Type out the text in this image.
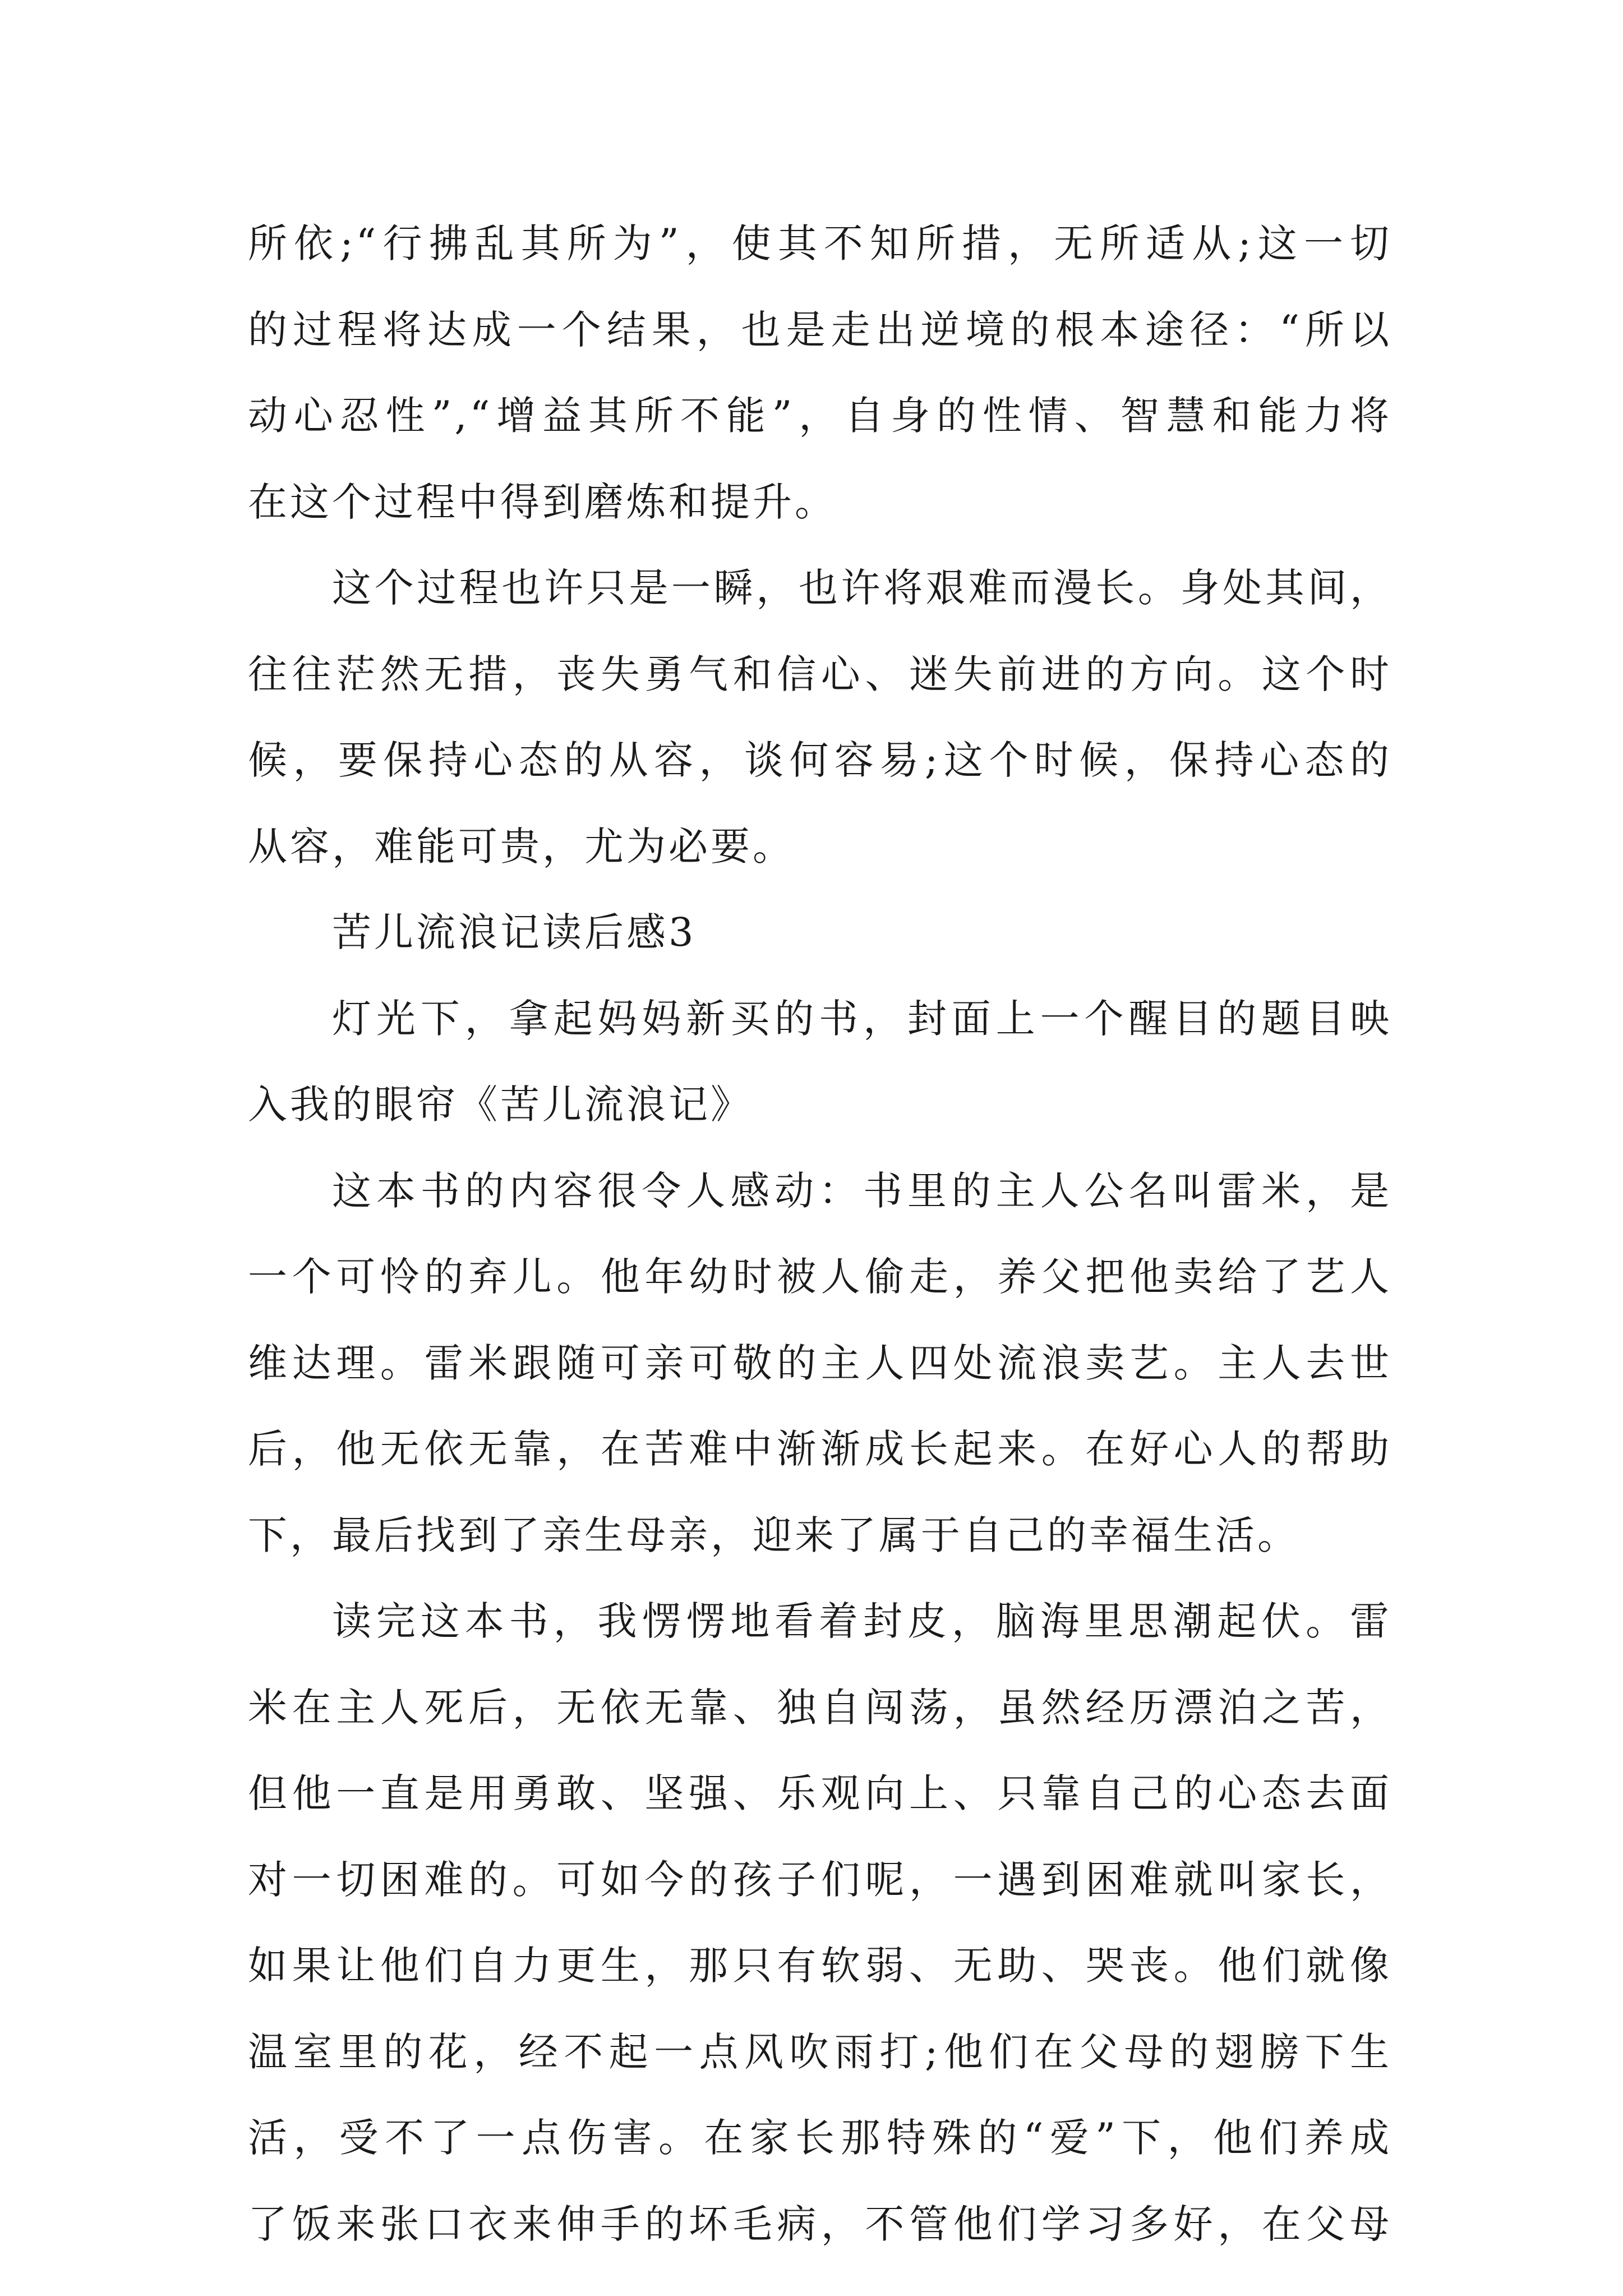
所依;“行拂乱其所为”，使其不知所措，无所适从;这一切
的过程将达成一个结果，也是走出逆境的根本途径：“所以
动心忍性”,“增益其所不能”，自身的性情、智慧和能力将
在这个过程中得到磨炼和提升。
这个过程也许只是一瞬，也许将艰难而漫长。身处其间，
往往茫然无措，丧失勇气和信心、迷失前进的方向。这个时
候，要保持心态的从容，谈何容易;这个时候，保持心态的
从容，难能可贵，尤为必要。
苦儿流浪记读后感3
灯光下，拿起妈妈新买的书，封面上一个醒目的题目映
入我的眼帘《苦儿流浪记》
这本书的内容很令人感动：书里的主人公名叫雷米，是
一个可怜的弃儿。他年幼时被人偷走，养父把他卖给了艺人
维达理。雷米跟随可亲可敬的主人四处流浪卖艺。主人去世
后，他无依无靠，在苦难中渐渐成长起来。在好心人的帮助
下，最后找到了亲生母亲，迎来了属于自己的幸福生活。
读完这本书，我愣愣地看着封皮，脑海里思潮起伏。雷
米在主人死后，无依无靠、独自闯荡，虽然经历漂泊之苦，
但他一直是用勇敢、坚强、乐观向上、只靠自己的心态去面
对一切困难的。可如今的孩子们呢，一遇到困难就叫家长，
如果让他们自力更生，那只有软弱、无助、哭丧。他们就像
温室里的花，经不起一点风吹雨打;他们在父母的翅膀下生
活，受不了一点伤害。在家长那特殊的“爱”下，他们养成
了饭来张口衣来伸手的坏毛病，不管他们学习多好，在父母
